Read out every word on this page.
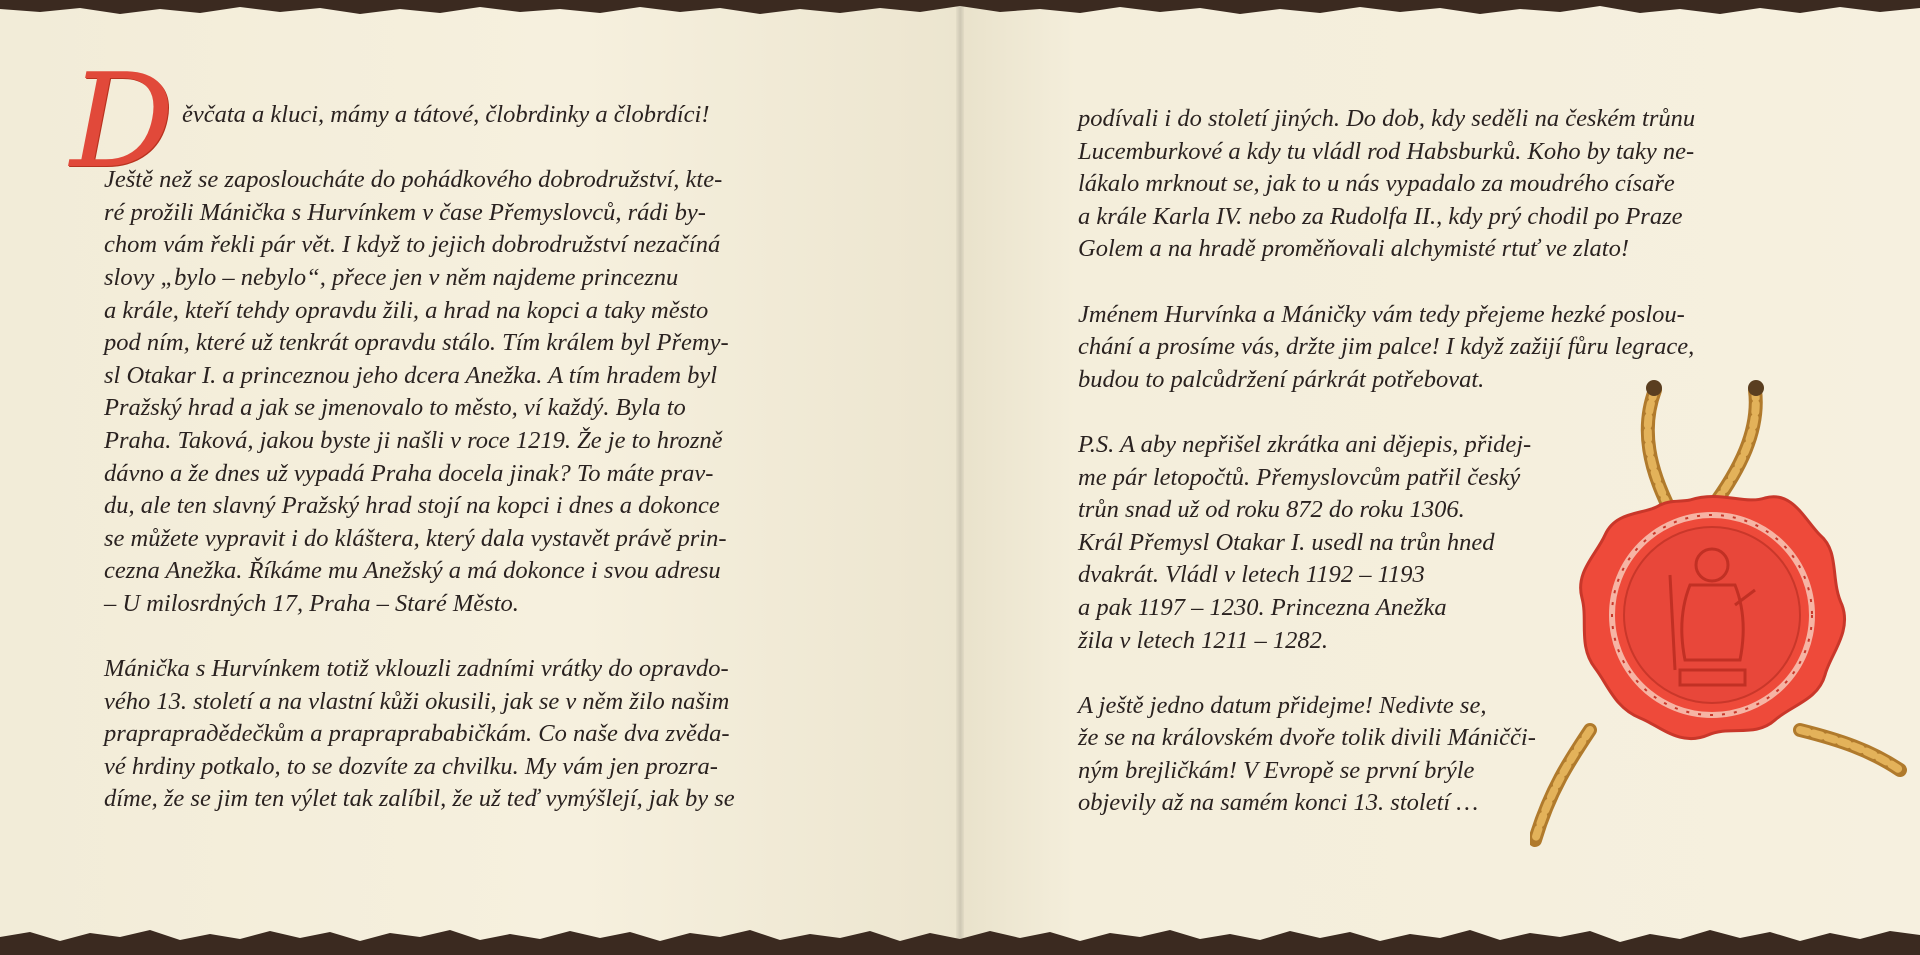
D ěvčata a kluci, mámy a tátové, člobrdinky a člobrdíci!

Ještě než se zaposloucháte do pohádkového dobrodružství, kte-

ré prožili Mánička s Hurvínkem v čase Přemyslovců, rádi by-

chom vám řekli pár vět. I když to jejich dobrodružství nezačíná

slovy „bylo – nebylo“, přece jen v něm najdeme princeznu

a krále, kteří tehdy opravdu žili, a hrad na kopci a taky město

pod ním, které už tenkrát opravdu stálo. Tím králem byl Přemy-

sl Otakar I. a princeznou jeho dcera Anežka. A tím hradem byl

Pražský hrad a jak se jmenovalo to město, ví každý. Byla to

Praha. Taková, jakou byste ji našli v roce 1219. Že je to hrozně

dávno a že dnes už vypadá Praha docela jinak? To máte prav-

du, ale ten slavný Pražský hrad stojí na kopci i dnes a dokonce

se můžete vypravit i do kláštera, který dala vystavět právě prin-

cezna Anežka. Říkáme mu Anežský a má dokonce i svou adresu

– U milosrdných 17, Praha – Staré Město.

Mánička s Hurvínkem totiž vklouzli zadními vrátky do opravdo-

vého 13. století a na vlastní kůži okusili, jak se v něm žilo našim

prapraprадědečkům a prapraprababičkám. Co naše dva zvěda-

vé hrdiny potkalo, to se dozvíte za chvilku. My vám jen prozra-

díme, že se jim ten výlet tak zalíbil, že už teď vymýšlejí, jak by se

podívali i do století jiných. Do dob, kdy seděli na českém trůnu

Lucemburkové a kdy tu vládl rod Habsburků. Koho by taky ne-

lákalo mrknout se, jak to u nás vypadalo za moudrého císaře

a krále Karla IV. nebo za Rudolfa II., kdy prý chodil po Praze

Golem a na hradě proměňovali alchymisté rtuť ve zlato!

Jménem Hurvínka a Máničky vám tedy přejeme hezké poslou-

chání a prosíme vás, držte jim palce! I když zažijí fůru legrace,

budou to palcůdržení párkrát potřebovat.

P.S. A aby nepřišel zkrátka ani dějepis, přidej-

me pár letopočtů. Přemyslovcům patřil český

trůn snad už od roku 872 do roku 1306.

Král Přemysl Otakar I. usedl na trůn hned

dvakrát. Vládl v letech 1192 – 1193

a pak 1197 – 1230. Princezna Anežka

žila v letech 1211 – 1282.

A ještě jedno datum přidejme! Nedivte se,

že se na královském dvoře tolik divili Máničči-

ným brejličkám! V Evropě se první brýle

objevily až na samém konci 13. století …
